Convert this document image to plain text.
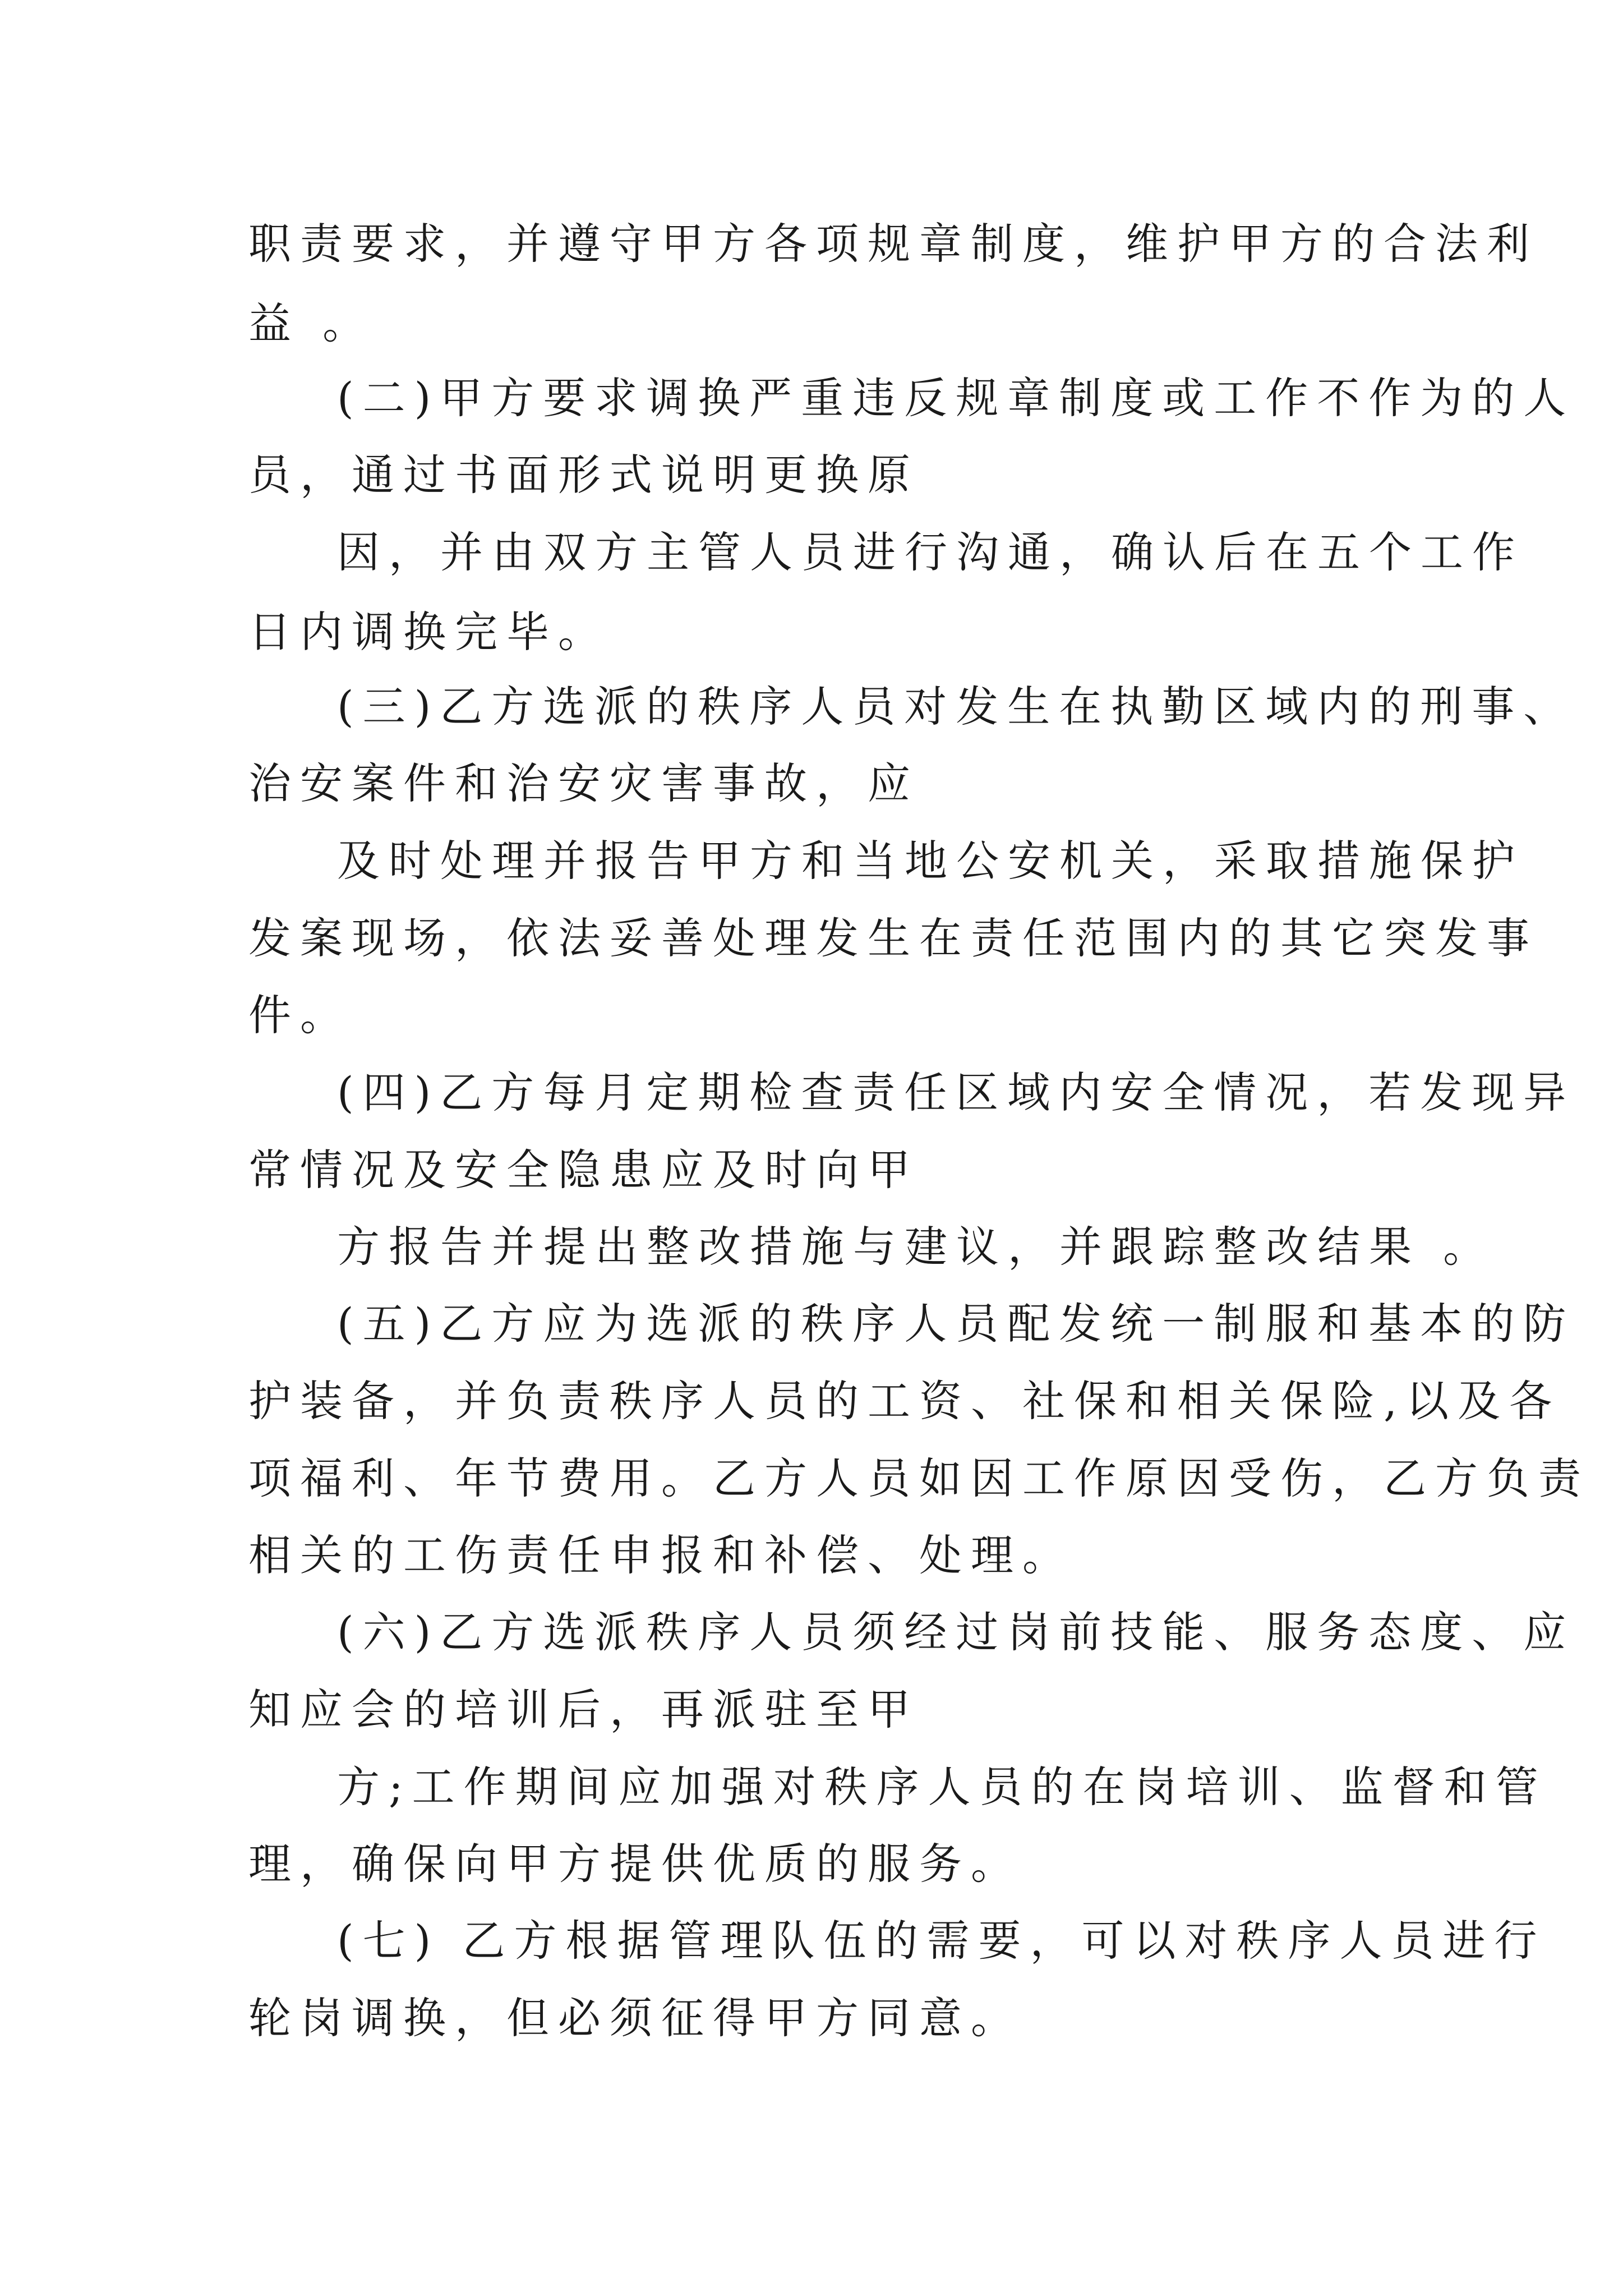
职责要求，并遵守甲方各项规章制度，维护甲方的合法利
益 。
(二)甲方要求调换严重违反规章制度或工作不作为的人
员，通过书面形式说明更换原
因，并由双方主管人员进行沟通，确认后在五个工作
日内调换完毕。
(三)乙方选派的秩序人员对发生在执勤区域内的刑事、
治安案件和治安灾害事故，应
及时处理并报告甲方和当地公安机关，采取措施保护
发案现场，依法妥善处理发生在责任范围内的其它突发事
件。
(四)乙方每月定期检查责任区域内安全情况，若发现异
常情况及安全隐患应及时向甲
方报告并提出整改措施与建议，并跟踪整改结果 。
(五)乙方应为选派的秩序人员配发统一制服和基本的防
护装备，并负责秩序人员的工资、社保和相关保险,以及各
项福利、年节费用。乙方人员如因工作原因受伤，乙方负责
相关的工伤责任申报和补偿、处理。
(六)乙方选派秩序人员须经过岗前技能、服务态度、应
知应会的培训后，再派驻至甲
方;工作期间应加强对秩序人员的在岗培训、监督和管
理，确保向甲方提供优质的服务。
(七) 乙方根据管理队伍的需要，可以对秩序人员进行
轮岗调换，但必须征得甲方同意。
